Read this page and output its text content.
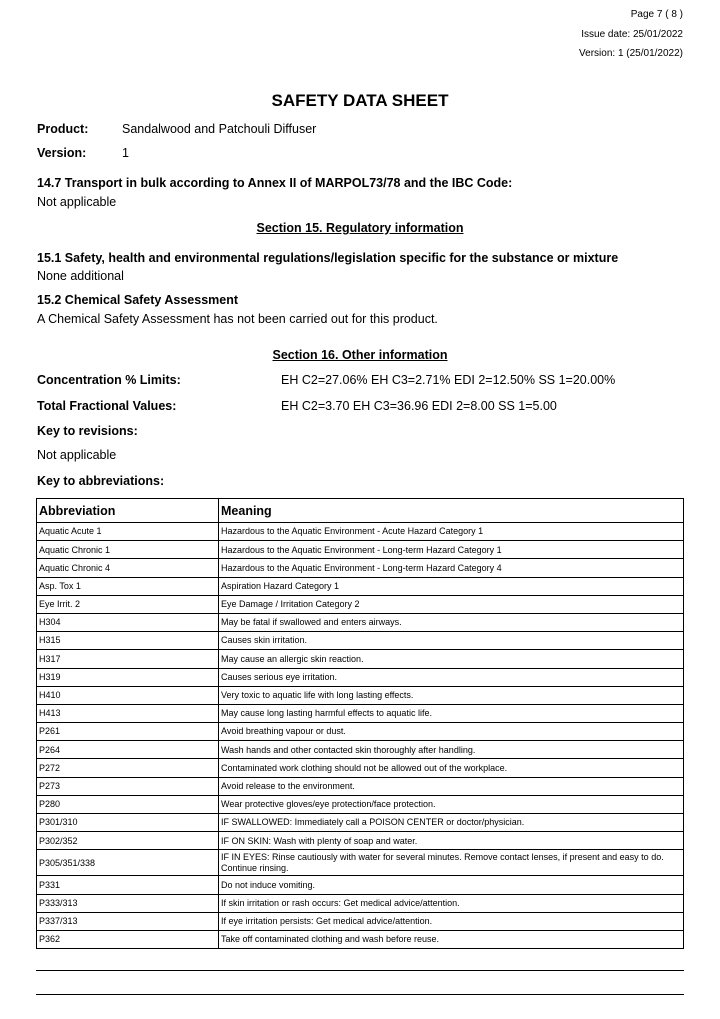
Page 7 ( 8 )
Issue date: 25/01/2022
Version: 1 (25/01/2022)
SAFETY DATA SHEET
Product:	Sandalwood and Patchouli Diffuser
Version:	1
14.7 Transport in bulk according to Annex II of MARPOL73/78 and the IBC Code:
Not applicable
Section 15. Regulatory information
15.1 Safety, health and environmental regulations/legislation specific for the substance or mixture
None additional
15.2 Chemical Safety Assessment
A Chemical Safety Assessment has not been carried out for this product.
Section 16. Other information
Concentration % Limits:	EH C2=27.06% EH C3=2.71% EDI 2=12.50% SS 1=20.00%
Total Fractional Values:	EH C2=3.70 EH C3=36.96 EDI 2=8.00 SS 1=5.00
Key to revisions:
Not applicable
Key to abbreviations:
Abbreviation	Meaning
Aquatic Acute 1	Hazardous to the Aquatic Environment - Acute Hazard Category 1
Aquatic Chronic 1	Hazardous to the Aquatic Environment - Long-term Hazard Category 1
Aquatic Chronic 4	Hazardous to the Aquatic Environment - Long-term Hazard Category 4
Asp. Tox 1	Aspiration Hazard Category 1
Eye Irrit. 2	Eye Damage / Irritation Category 2
H304	May be fatal if swallowed and enters airways.
H315	Causes skin irritation.
H317	May cause an allergic skin reaction.
H319	Causes serious eye irritation.
H410	Very toxic to aquatic life with long lasting effects.
H413	May cause long lasting harmful effects to aquatic life.
P261	Avoid breathing vapour or dust.
P264	Wash hands and other contacted skin thoroughly after handling.
P272	Contaminated work clothing should not be allowed out of the workplace.
P273	Avoid release to the environment.
P280	Wear protective gloves/eye protection/face protection.
P301/310	IF SWALLOWED: Immediately call a POISON CENTER or doctor/physician.
P302/352	IF ON SKIN: Wash with plenty of soap and water.
P305/351/338	IF IN EYES: Rinse cautiously with water for several minutes. Remove contact lenses, if present and easy to do. Continue rinsing.
P331	Do not induce vomiting.
P333/313	If skin irritation or rash occurs: Get medical advice/attention.
P337/313	If eye irritation persists: Get medical advice/attention.
P362	Take off contaminated clothing and wash before reuse.
